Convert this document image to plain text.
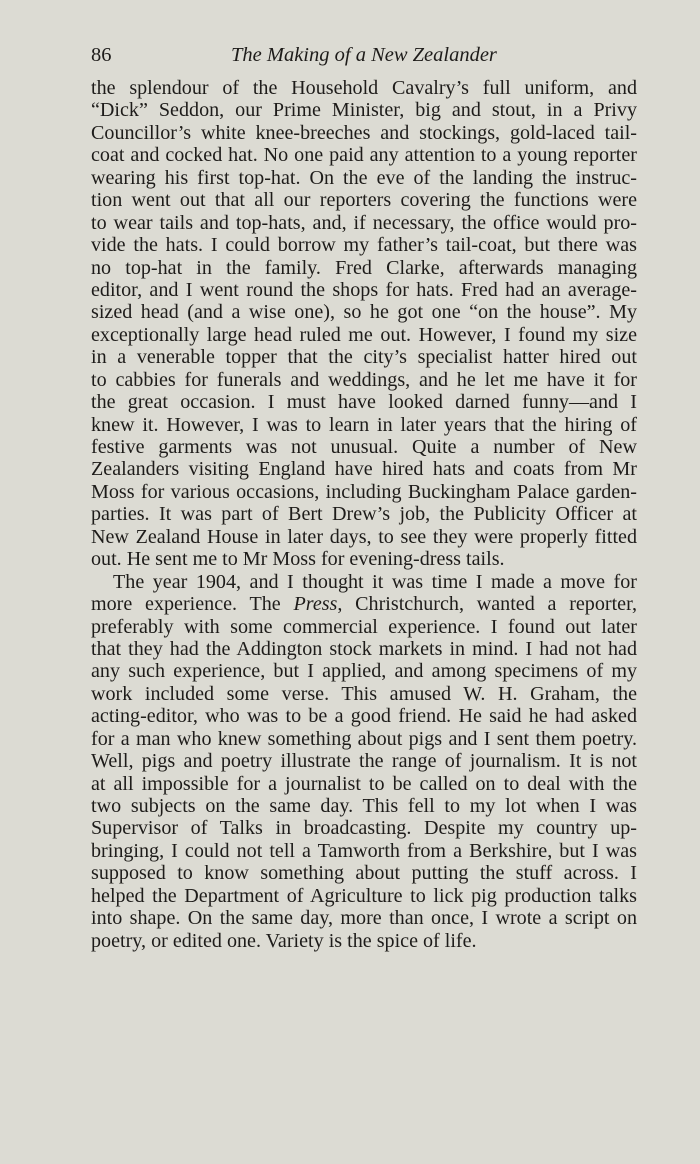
86	The Making of a New Zealander
the splendour of the Household Cavalry’s full uniform, and
“Dick” Seddon, our Prime Minister, big and stout, in a Privy
Councillor’s white knee-breeches and stockings, gold-laced tail-
coat and cocked hat. No one paid any attention to a young reporter
wearing his first top-hat. On the eve of the landing the instruc-
tion went out that all our reporters covering the functions were
to wear tails and top-hats, and, if necessary, the office would pro-
vide the hats. I could borrow my father’s tail-coat, but there was
no top-hat in the family. Fred Clarke, afterwards managing
editor, and I went round the shops for hats. Fred had an average-
sized head (and a wise one), so he got one “on the house”. My
exceptionally large head ruled me out. However, I found my size
in a venerable topper that the city’s specialist hatter hired out
to cabbies for funerals and weddings, and he let me have it for
the great occasion. I must have looked darned funny—and I
knew it. However, I was to learn in later years that the hiring of
festive garments was not unusual. Quite a number of New
Zealanders visiting England have hired hats and coats from Mr
Moss for various occasions, including Buckingham Palace garden-
parties. It was part of Bert Drew’s job, the Publicity Officer at
New Zealand House in later days, to see they were properly fitted
out. He sent me to Mr Moss for evening-dress tails.
The year 1904, and I thought it was time I made a move for
more experience. The Press, Christchurch, wanted a reporter,
preferably with some commercial experience. I found out later
that they had the Addington stock markets in mind. I had not had
any such experience, but I applied, and among specimens of my
work included some verse. This amused W. H. Graham, the
acting-editor, who was to be a good friend. He said he had asked
for a man who knew something about pigs and I sent them poetry.
Well, pigs and poetry illustrate the range of journalism. It is not
at all impossible for a journalist to be called on to deal with the
two subjects on the same day. This fell to my lot when I was
Supervisor of Talks in broadcasting. Despite my country up-
bringing, I could not tell a Tamworth from a Berkshire, but I was
supposed to know something about putting the stuff across. I
helped the Department of Agriculture to lick pig production talks
into shape. On the same day, more than once, I wrote a script on
poetry, or edited one. Variety is the spice of life.
